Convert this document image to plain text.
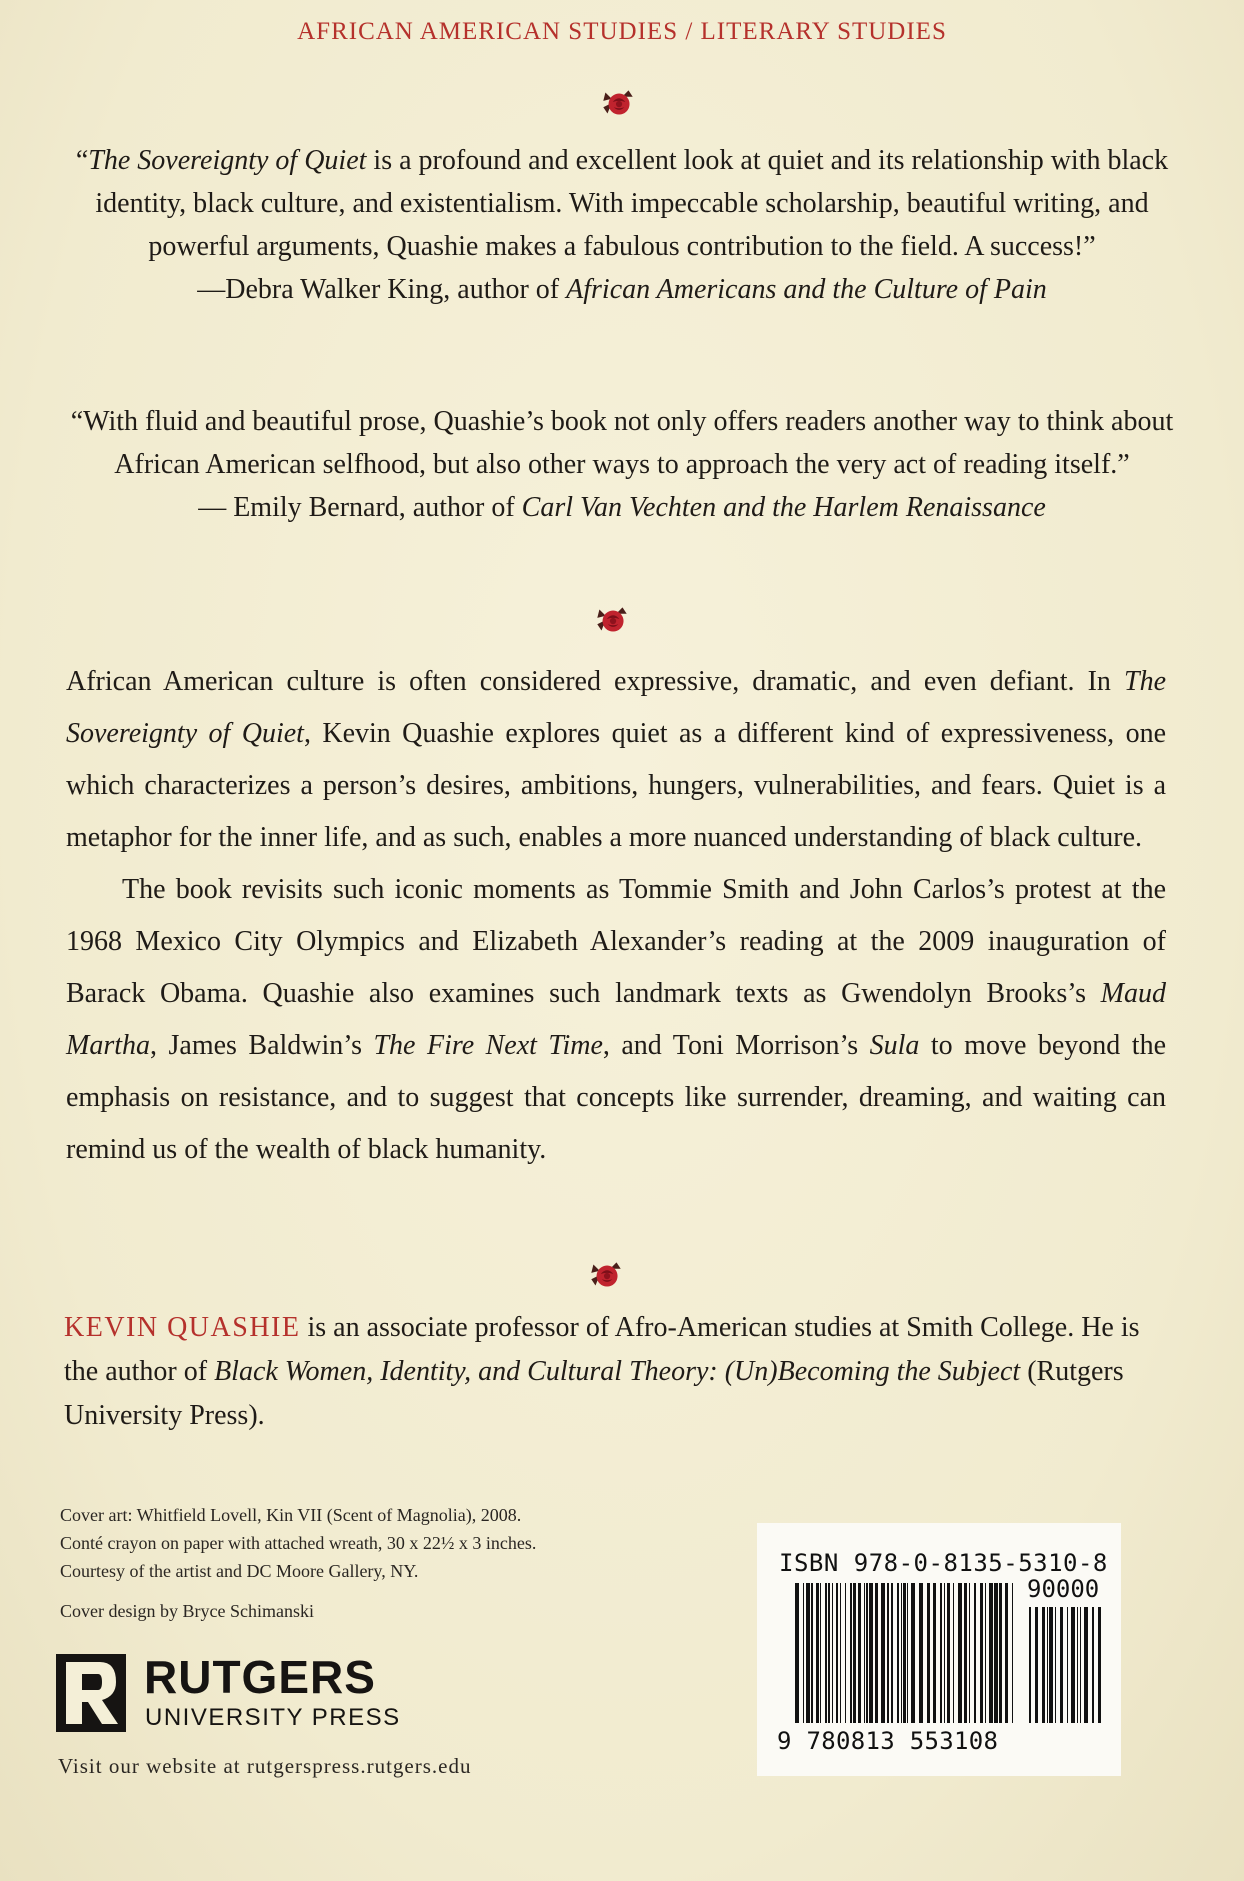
AFRICAN AMERICAN STUDIES / LITERARY STUDIES

“The Sovereignty of Quiet is a profound and excellent look at quiet and its relationship with black identity, black culture, and existentialism. With impeccable scholarship, beautiful writing, and powerful arguments, Quashie makes a fabulous contribution to the field. A success!”

—Debra Walker King, author of African Americans and the Culture of Pain

“With fluid and beautiful prose, Quashie’s book not only offers readers another way to think about African American selfhood, but also other ways to approach the very act of reading itself.”

— Emily Bernard, author of Carl Van Vechten and the Harlem Renaissance

African American culture is often considered expressive, dramatic, and even defiant. In The Sovereignty of Quiet, Kevin Quashie explores quiet as a different kind of expressiveness, one which characterizes a person’s desires, ambitions, hungers, vulnerabilities, and fears. Quiet is a metaphor for the inner life, and as such, enables a more nuanced understanding of black culture.

The book revisits such iconic moments as Tommie Smith and John Carlos’s protest at the 1968 Mexico City Olympics and Elizabeth Alexander’s reading at the 2009 inauguration of Barack Obama. Quashie also examines such landmark texts as Gwendolyn Brooks’s Maud Martha, James Baldwin’s The Fire Next Time, and Toni Morrison’s Sula to move beyond the emphasis on resistance, and to suggest that concepts like surrender, dreaming, and waiting can remind us of the wealth of black humanity.

KEVIN QUASHIE is an associate professor of Afro-American studies at Smith College. He is the author of Black Women, Identity, and Cultural Theory: (Un)Becoming the Subject (Rutgers University Press).

Cover art: Whitfield Lovell, Kin VII (Scent of Magnolia), 2008.

Conté crayon on paper with attached wreath, 30 x 22½ x 3 inches.

Courtesy of the artist and DC Moore Gallery, NY.

Cover design by Bryce Schimanski

RUTGERS
UNIVERSITY PRESS
Visit our website at rutgerspress.rutgers.edu
ISBN 978-0-8135-5310-8
90000
9 780813 553108
